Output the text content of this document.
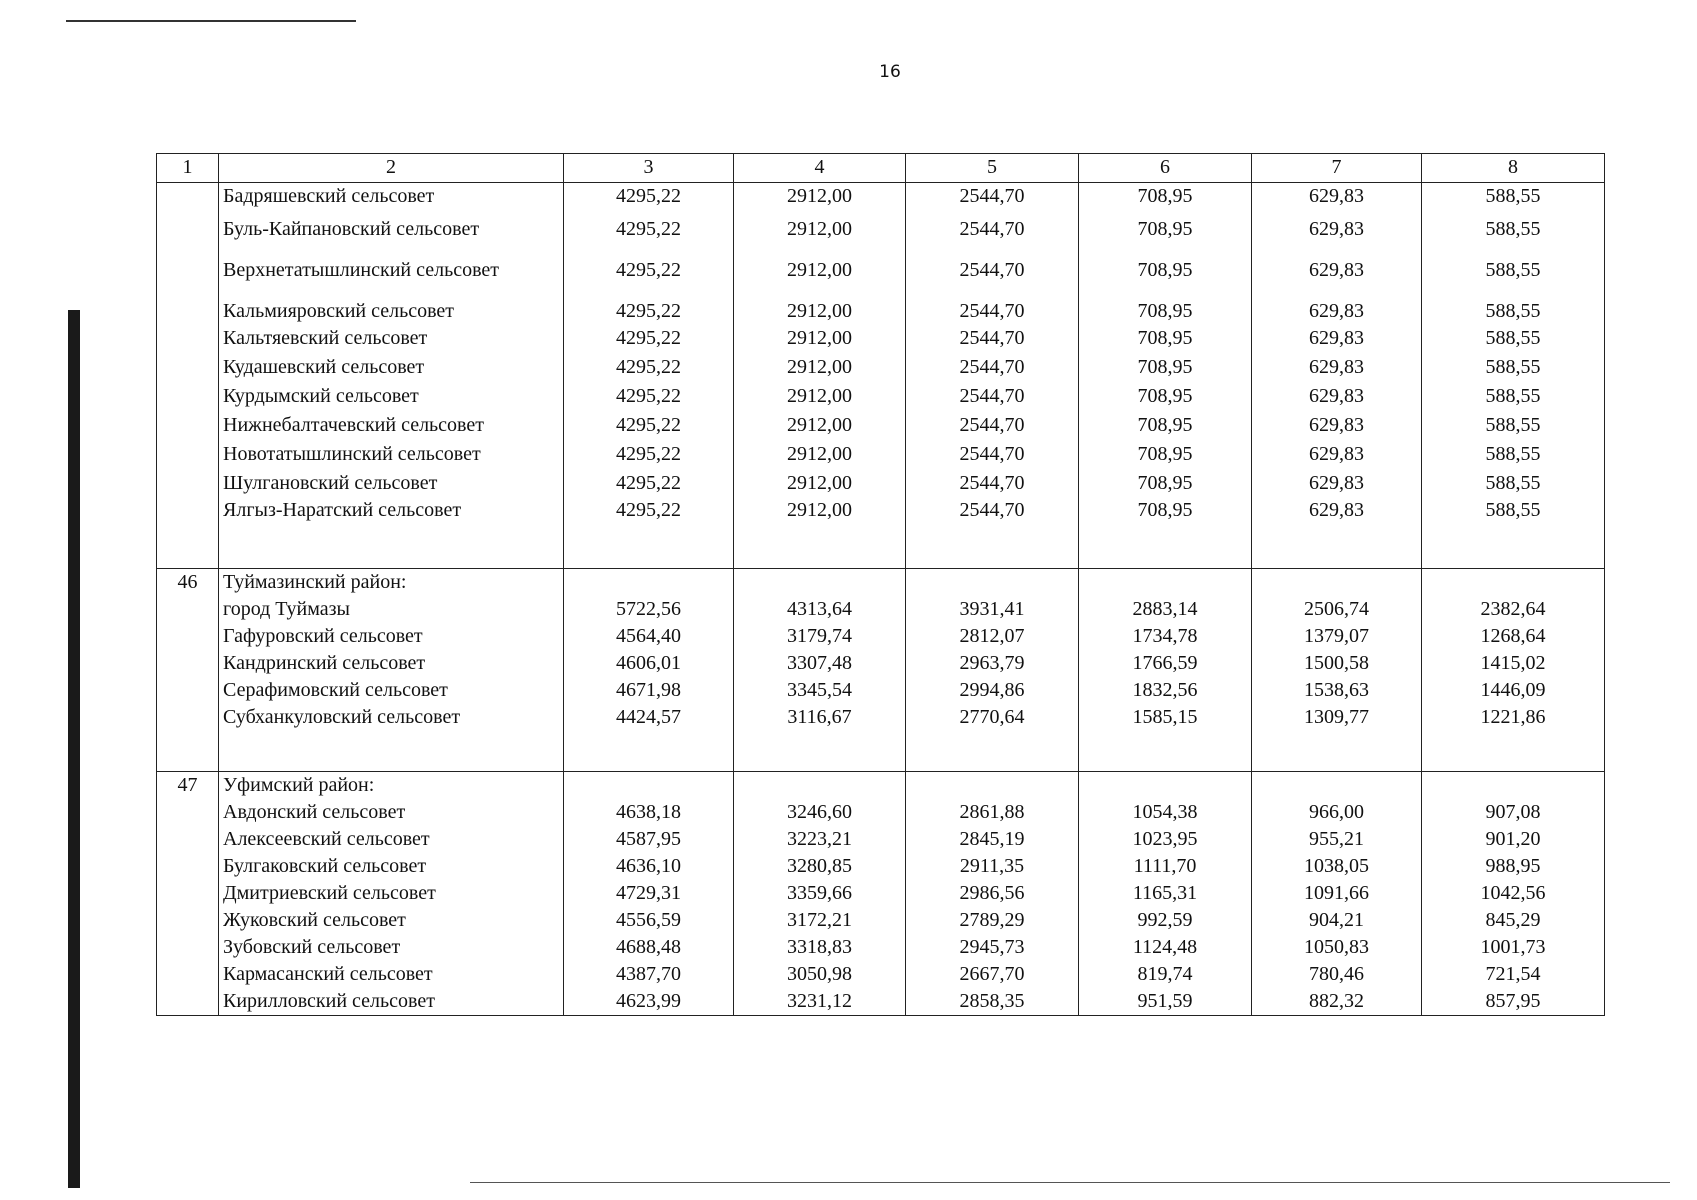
16
1	2	3	4	5	6	7	8
	Бадряшевский сельсовет	4295,22	2912,00	2544,70	708,95	629,83	588,55
	Буль-Кайпановский сельсовет	4295,22	2912,00	2544,70	708,95	629,83	588,55
	Верхнетатышлинский сельсовет	4295,22	2912,00	2544,70	708,95	629,83	588,55
	Кальмияровский сельсовет	4295,22	2912,00	2544,70	708,95	629,83	588,55
	Кальтяевский сельсовет	4295,22	2912,00	2544,70	708,95	629,83	588,55
	Кудашевский сельсовет	4295,22	2912,00	2544,70	708,95	629,83	588,55
	Курдымский сельсовет	4295,22	2912,00	2544,70	708,95	629,83	588,55
	Нижнебалтачевский сельсовет	4295,22	2912,00	2544,70	708,95	629,83	588,55
	Новотатышлинский сельсовет	4295,22	2912,00	2544,70	708,95	629,83	588,55
	Шулгановский сельсовет	4295,22	2912,00	2544,70	708,95	629,83	588,55
	Ялгыз-Наратский сельсовет	4295,22	2912,00	2544,70	708,95	629,83	588,55

46	Туймазинский район:						
	город Туймазы	5722,56	4313,64	3931,41	2883,14	2506,74	2382,64
	Гафуровский сельсовет	4564,40	3179,74	2812,07	1734,78	1379,07	1268,64
	Кандринский сельсовет	4606,01	3307,48	2963,79	1766,59	1500,58	1415,02
	Серафимовский сельсовет	4671,98	3345,54	2994,86	1832,56	1538,63	1446,09
	Субханкуловский сельсовет	4424,57	3116,67	2770,64	1585,15	1309,77	1221,86

47	Уфимский район:						
	Авдонский сельсовет	4638,18	3246,60	2861,88	1054,38	966,00	907,08
	Алексеевский сельсовет	4587,95	3223,21	2845,19	1023,95	955,21	901,20
	Булгаковский сельсовет	4636,10	3280,85	2911,35	1111,70	1038,05	988,95
	Дмитриевский сельсовет	4729,31	3359,66	2986,56	1165,31	1091,66	1042,56
	Жуковский сельсовет	4556,59	3172,21	2789,29	992,59	904,21	845,29
	Зубовский сельсовет	4688,48	3318,83	2945,73	1124,48	1050,83	1001,73
	Кармасанский сельсовет	4387,70	3050,98	2667,70	819,74	780,46	721,54
	Кирилловский сельсовет	4623,99	3231,12	2858,35	951,59	882,32	857,95
